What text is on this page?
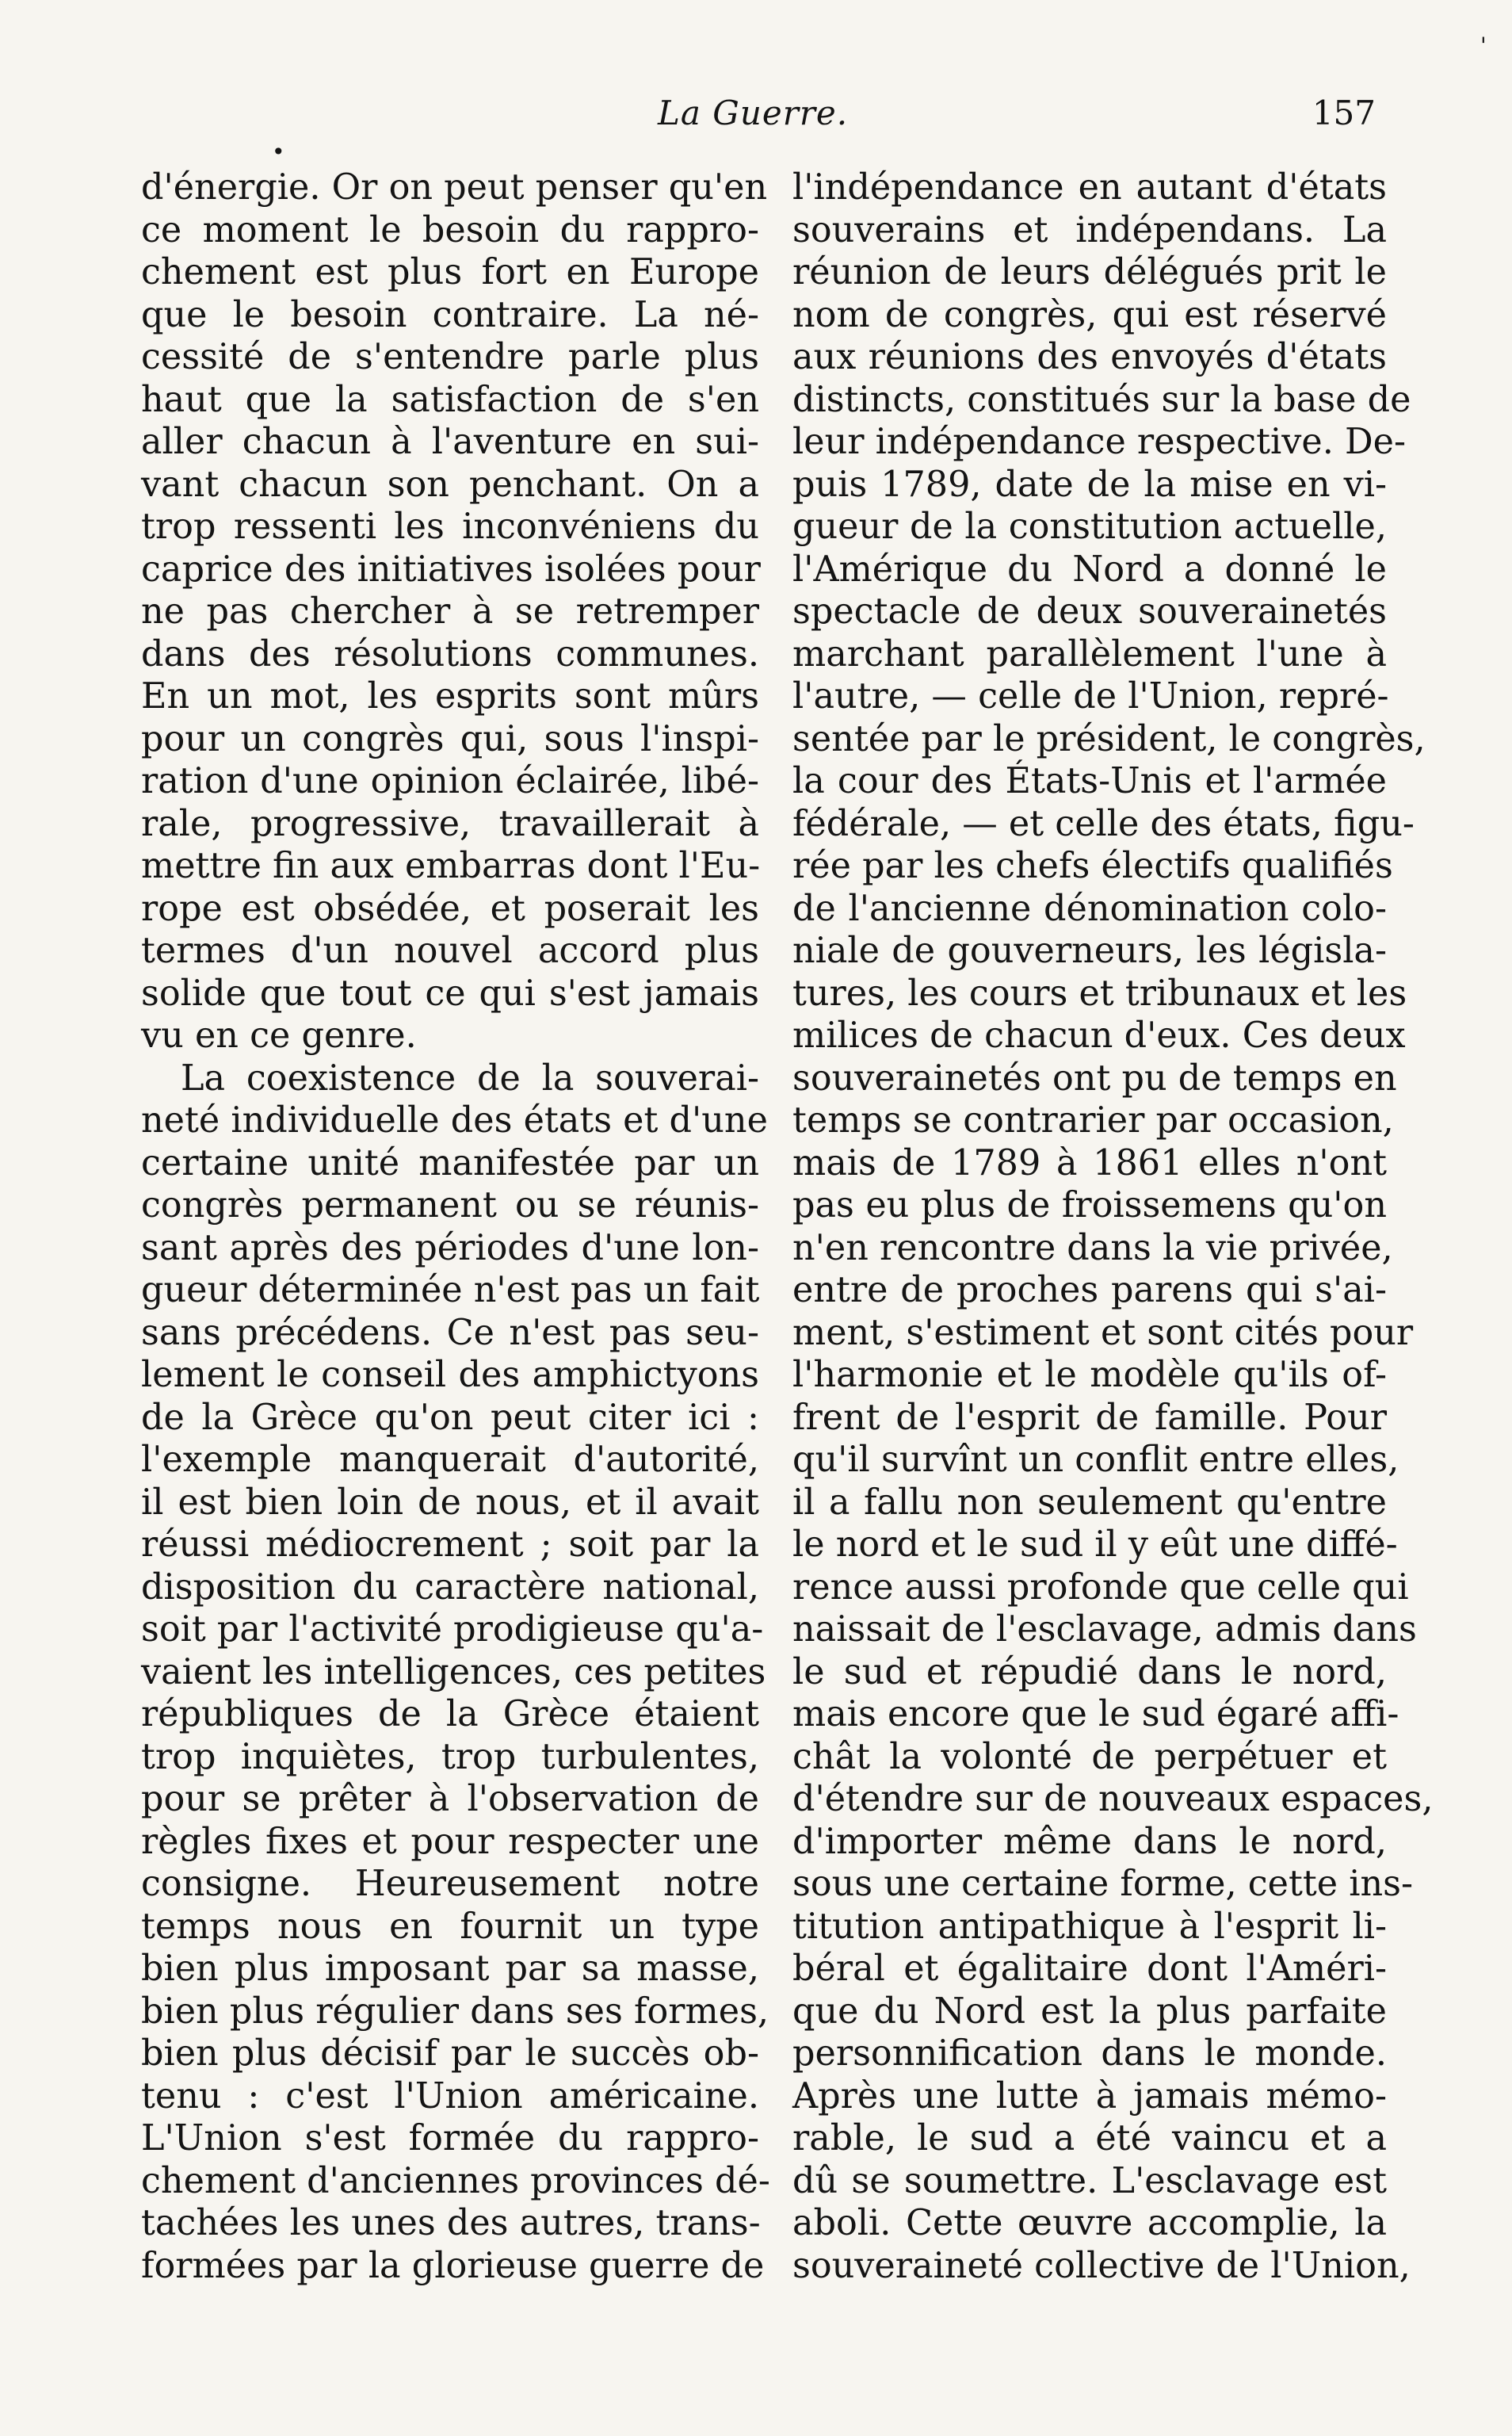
•
'
La Guerre.	157
d'énergie. Or on peut penser qu'en
ce moment le besoin du rappro-
chement est plus fort en Europe
que le besoin contraire. La né-
cessité de s'entendre parle plus
haut que la satisfaction de s'en
aller chacun à l'aventure en sui-
vant chacun son penchant. On a
trop ressenti les inconvéniens du
caprice des initiatives isolées pour
ne pas chercher à se retremper
dans des résolutions communes.
En un mot, les esprits sont mûrs
pour un congrès qui, sous l'inspi-
ration d'une opinion éclairée, libé-
rale, progressive, travaillerait à
mettre fin aux embarras dont l'Eu-
rope est obsédée, et poserait les
termes d'un nouvel accord plus
solide que tout ce qui s'est jamais
vu en ce genre.
La coexistence de la souverai-
neté individuelle des états et d'une
certaine unité manifestée par un
congrès permanent ou se réunis-
sant après des périodes d'une lon-
gueur déterminée n'est pas un fait
sans précédens. Ce n'est pas seu-
lement le conseil des amphictyons
de la Grèce qu'on peut citer ici :
l'exemple manquerait d'autorité,
il est bien loin de nous, et il avait
réussi médiocrement ; soit par la
disposition du caractère national,
soit par l'activité prodigieuse qu'a-
vaient les intelligences, ces petites
républiques de la Grèce étaient
trop inquiètes, trop turbulentes,
pour se prêter à l'observation de
règles fixes et pour respecter une
consigne. Heureusement notre
temps nous en fournit un type
bien plus imposant par sa masse,
bien plus régulier dans ses formes,
bien plus décisif par le succès ob-
tenu : c'est l'Union américaine.
L'Union s'est formée du rappro-
chement d'anciennes provinces dé-
tachées les unes des autres, trans-
formées par la glorieuse guerre de
l'indépendance en autant d'états
souverains et indépendans. La
réunion de leurs délégués prit le
nom de congrès, qui est réservé
aux réunions des envoyés d'états
distincts, constitués sur la base de
leur indépendance respective. De-
puis 1789, date de la mise en vi-
gueur de la constitution actuelle,
l'Amérique du Nord a donné le
spectacle de deux souverainetés
marchant parallèlement l'une à
l'autre, — celle de l'Union, repré-
sentée par le président, le congrès,
la cour des États-Unis et l'armée
fédérale, — et celle des états, figu-
rée par les chefs électifs qualifiés
de l'ancienne dénomination colo-
niale de gouverneurs, les législa-
tures, les cours et tribunaux et les
milices de chacun d'eux. Ces deux
souverainetés ont pu de temps en
temps se contrarier par occasion,
mais de 1789 à 1861 elles n'ont
pas eu plus de froissemens qu'on
n'en rencontre dans la vie privée,
entre de proches parens qui s'ai-
ment, s'estiment et sont cités pour
l'harmonie et le modèle qu'ils of-
frent de l'esprit de famille. Pour
qu'il survînt un conflit entre elles,
il a fallu non seulement qu'entre
le nord et le sud il y eût une diffé-
rence aussi profonde que celle qui
naissait de l'esclavage, admis dans
le sud et répudié dans le nord,
mais encore que le sud égaré affi-
chât la volonté de perpétuer et
d'étendre sur de nouveaux espaces,
d'importer même dans le nord,
sous une certaine forme, cette ins-
titution antipathique à l'esprit li-
béral et égalitaire dont l'Améri-
que du Nord est la plus parfaite
personnification dans le monde.
Après une lutte à jamais mémo-
rable, le sud a été vaincu et a
dû se soumettre. L'esclavage est
aboli. Cette œuvre accomplie, la
souveraineté collective de l'Union,
